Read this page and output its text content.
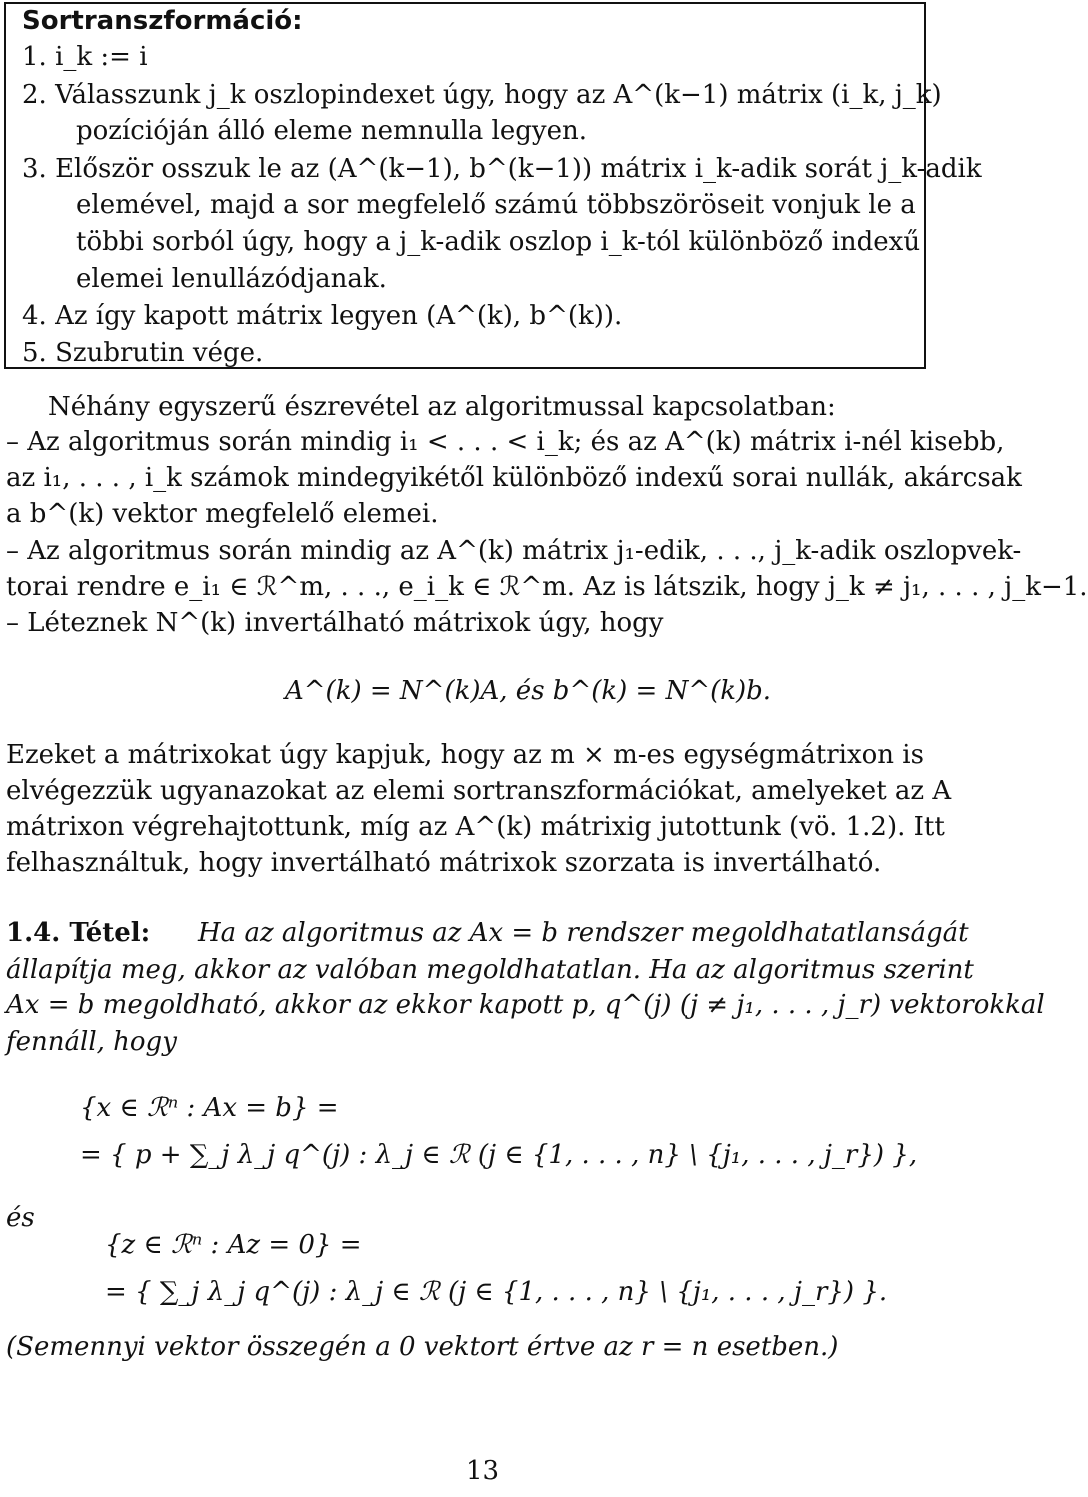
Sortranszformáció:
1. i_k := i
2. Válasszunk j_k oszlopindexet úgy, hogy az A^(k−1) mátrix (i_k, j_k)
pozícióján álló eleme nemnulla legyen.
3. Először osszuk le az (A^(k−1), b^(k−1)) mátrix i_k-adik sorát j_k-adik
elemével, majd a sor megfelelő számú többszöröseit vonjuk le a
többi sorból úgy, hogy a j_k-adik oszlop i_k-tól különböző indexű
elemei lenullázódjanak.
4. Az így kapott mátrix legyen (A^(k), b^(k)).
5. Szubrutin vége.
Néhány egyszerű észrevétel az algoritmussal kapcsolatban:
– Az algoritmus során mindig i₁ < . . . < i_k; és az A^(k) mátrix i-nél kisebb,
az i₁, . . . , i_k számok mindegyikétől különböző indexű sorai nullák, akárcsak
a b^(k) vektor megfelelő elemei.
– Az algoritmus során mindig az A^(k) mátrix j₁-edik, . . ., j_k-adik oszlopvek-
torai rendre e_i₁ ∈ ℛ^m, . . ., e_i_k ∈ ℛ^m. Az is látszik, hogy j_k ≠ j₁, . . . , j_k−1.
– Léteznek N^(k) invertálható mátrixok úgy, hogy
A^(k) = N^(k)A, és b^(k) = N^(k)b.
Ezeket a mátrixokat úgy kapjuk, hogy az m × m-es egységmátrixon is
elvégezzük ugyanazokat az elemi sortranszformációkat, amelyeket az A
mátrixon végrehajtottunk, míg az A^(k) mátrixig jutottunk (vö. 1.2). Itt
felhasználtuk, hogy invertálható mátrixok szorzata is invertálható.
1.4. Tétel: Ha az algoritmus az Ax = b rendszer megoldhatatlanságát
állapítja meg, akkor az valóban megoldhatatlan. Ha az algoritmus szerint
Ax = b megoldható, akkor az ekkor kapott p, q^(j) (j ≠ j₁, . . . , j_r) vektorokkal
fennáll, hogy
{x ∈ ℛⁿ : Ax = b} =
= { p + ∑_j λ_j q^(j) : λ_j ∈ ℛ (j ∈ {1, . . . , n} \ {j₁, . . . , j_r}) },
és
{z ∈ ℛⁿ : Az = 0} =
= { ∑_j λ_j q^(j) : λ_j ∈ ℛ (j ∈ {1, . . . , n} \ {j₁, . . . , j_r}) }.
(Semennyi vektor összegén a 0 vektort értve az r = n esetben.)
13
